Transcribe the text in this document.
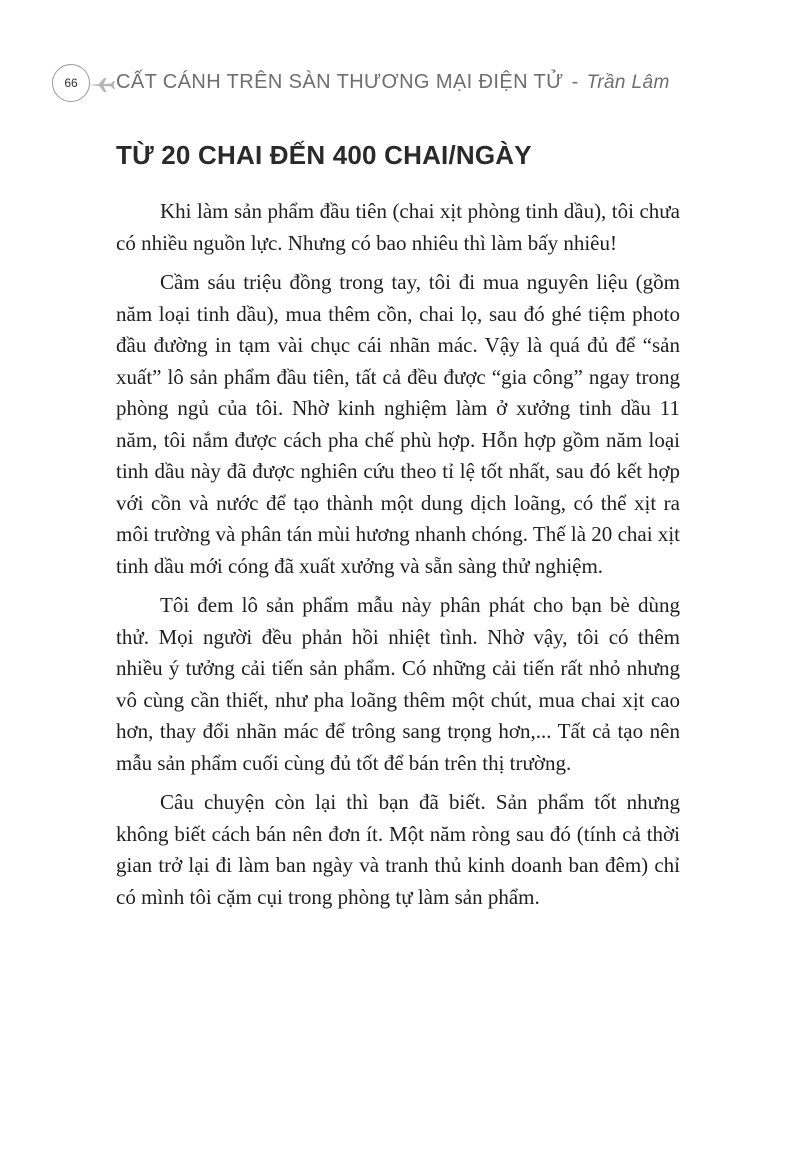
66	CẤT CÁNH TRÊN SÀN THƯƠNG MẠI ĐIỆN TỬ - Trần Lâm
TỪ 20 CHAI ĐẾN 400 CHAI/NGÀY

Khi làm sản phẩm đầu tiên (chai xịt phòng tinh dầu), tôi chưa có nhiều nguồn lực. Nhưng có bao nhiêu thì làm bấy nhiêu!

Cầm sáu triệu đồng trong tay, tôi đi mua nguyên liệu (gồm năm loại tinh dầu), mua thêm cồn, chai lọ, sau đó ghé tiệm photo đầu đường in tạm vài chục cái nhãn mác. Vậy là quá đủ để “sản xuất” lô sản phẩm đầu tiên, tất cả đều được “gia công” ngay trong phòng ngủ của tôi. Nhờ kinh nghiệm làm ở xưởng tinh dầu 11 năm, tôi nắm được cách pha chế phù hợp. Hỗn hợp gồm năm loại tinh dầu này đã được nghiên cứu theo tỉ lệ tốt nhất, sau đó kết hợp với cồn và nước để tạo thành một dung dịch loãng, có thể xịt ra môi trường và phân tán mùi hương nhanh chóng. Thế là 20 chai xịt tinh dầu mới cóng đã xuất xưởng và sẵn sàng thử nghiệm.

Tôi đem lô sản phẩm mẫu này phân phát cho bạn bè dùng thử. Mọi người đều phản hồi nhiệt tình. Nhờ vậy, tôi có thêm nhiều ý tưởng cải tiến sản phẩm. Có những cải tiến rất nhỏ nhưng vô cùng cần thiết, như pha loãng thêm một chút, mua chai xịt cao hơn, thay đổi nhãn mác để trông sang trọng hơn,... Tất cả tạo nên mẫu sản phẩm cuối cùng đủ tốt để bán trên thị trường.

Câu chuyện còn lại thì bạn đã biết. Sản phẩm tốt nhưng không biết cách bán nên đơn ít. Một năm ròng sau đó (tính cả thời gian trở lại đi làm ban ngày và tranh thủ kinh doanh ban đêm) chỉ có mình tôi cặm cụi trong phòng tự làm sản phẩm.
